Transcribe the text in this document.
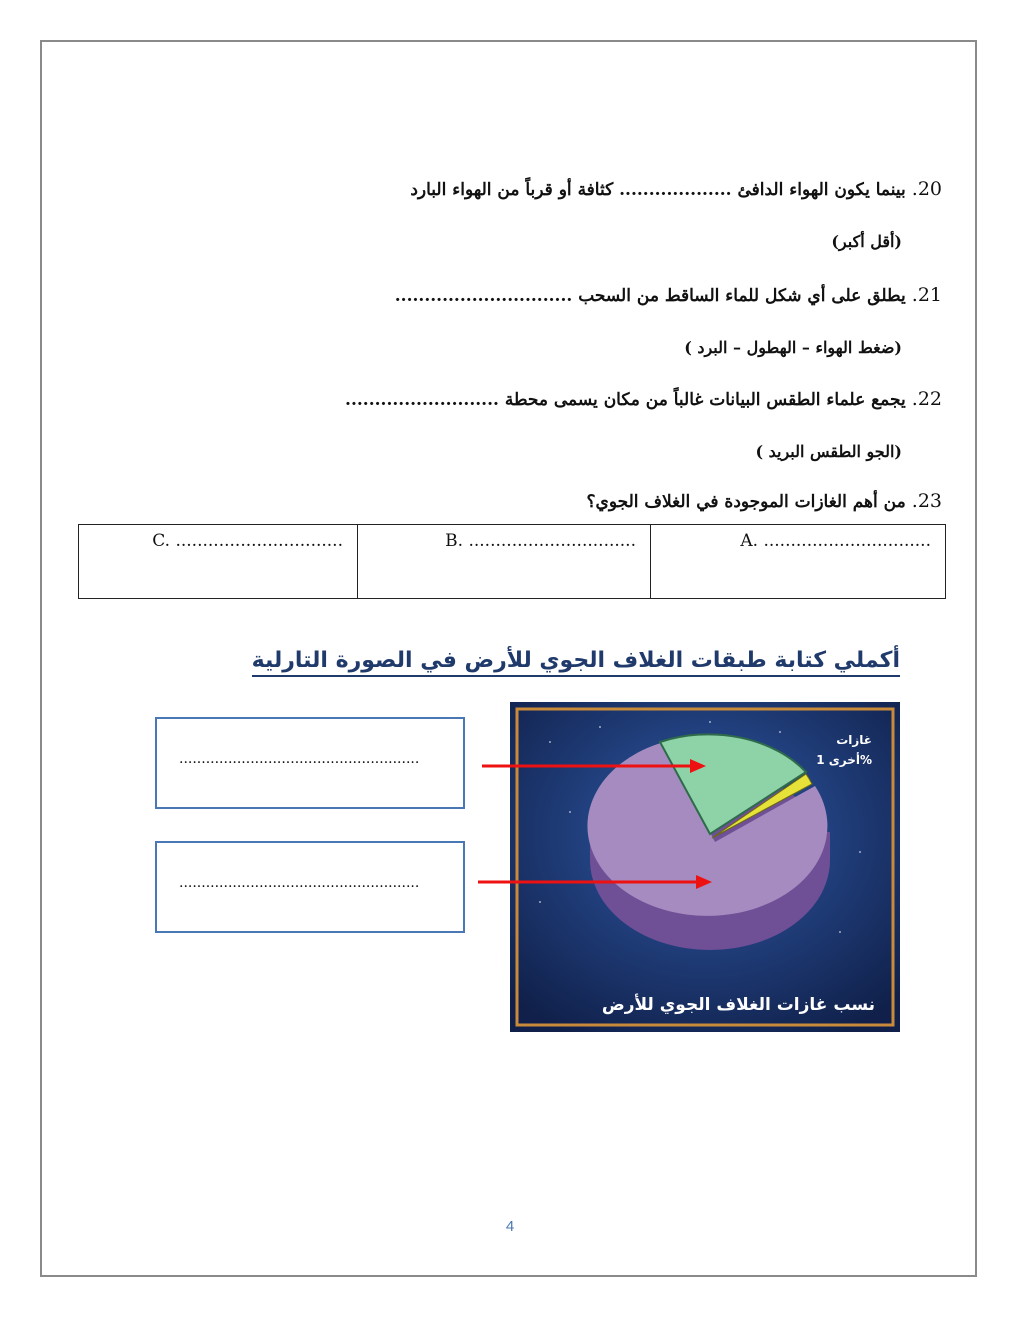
20. بينما يكون الهواء الدافئ ................... كثافة أو قرباً من الهواء البارد
(أقل أكبر)
21. يطلق على أي شكل للماء الساقط من السحب ..............................
(ضغط الهواء – الهطول – البرد )
22. يجمع علماء الطقس البيانات غالباً من مكان يسمى محطة ..........................
(الجو الطقس البريد )
23. من أهم الغازات الموجودة في الغلاف الجوي؟
C. ...............................	B. ...............................	A. ...............................
أكملي كتابة طبقات الغلاف الجوي للأرض في الصورة التارلية
......................................................
......................................................
غازات
أخرى 1%
نسب غازات الغلاف الجوي للأرض
4
